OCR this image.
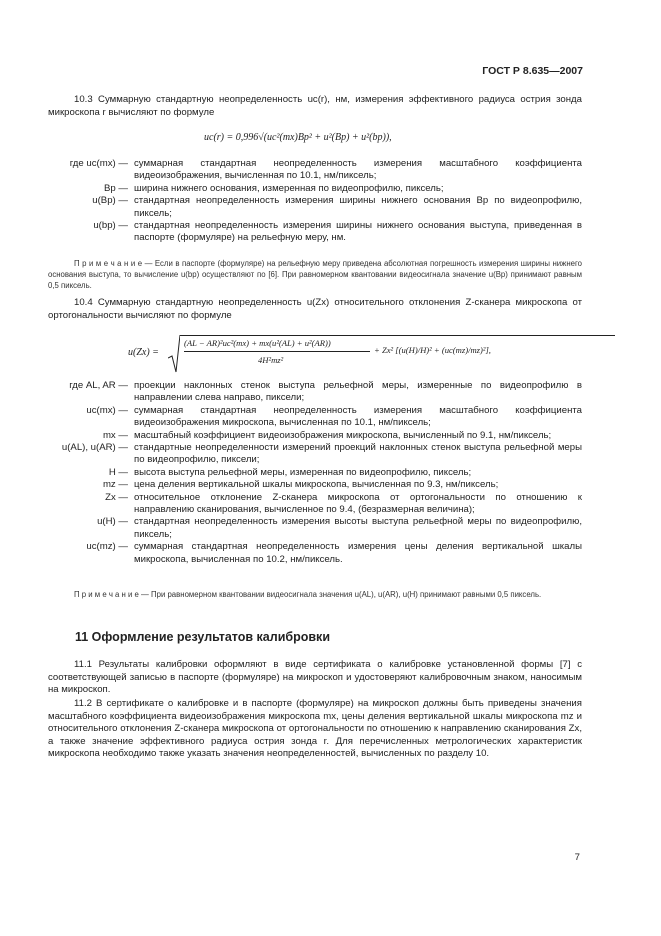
ГОСТ Р 8.635—2007
10.3 Суммарную стандартную неопределенность uc(r), нм, измерения эффективного радиуса острия зонда микроскопа r вычисляют по формуле
uc(r) = 0,996√(uc²(mx)Bp² + u²(Bp) + u²(bp)),
где uc(mx) — суммарная стандартная неопределенность измерения масштабного коэффициента видеоизображения, вычисленная по 10.1, нм/пиксель;
Bp — ширина нижнего основания, измеренная по видеопрофилю, пиксель;
u(Bp) — стандартная неопределенность измерения ширины нижнего основания Bp по видеопрофилю, пиксель;
u(bp) — стандартная неопределенность измерения ширины нижнего основания выступа, приведенная в паспорте (формуляре) на рельефную меру, нм.
П р и м е ч а н и е — Если в паспорте (формуляре) на рельефную меру приведена абсолютная погрешность измерения ширины нижнего основания выступа, то вычисление u(bp) осуществляют по [6]. При равномерном квантовании видеосигнала значение u(Bp) принимают равным 0,5 пиксель.
10.4 Суммарную стандартную неопределенность u(Zx) относительного отклонения Z-сканера микроскопа от ортогональности вычисляют по формуле
u(Zx) =
(AL − AR)²uc²(mx) + mx(u²(AL) + u²(AR))
4H²mz²
+ Zx² [(u(H)/H)² + (uc(mz)/mz)²],
где AL, AR — проекции наклонных стенок выступа рельефной меры, измеренные по видеопрофилю в направлении слева направо, пиксели;
uc(mx) — суммарная стандартная неопределенность измерения масштабного коэффициента видеоизображения микроскопа, вычисленная по 10.1, нм/пиксель;
mx — масштабный коэффициент видеоизображения микроскопа, вычисленный по 9.1, нм/пиксель;
u(AL), u(AR) — стандартные неопределенности измерений проекций наклонных стенок выступа рельефной меры по видеопрофилю, пиксели;
H — высота выступа рельефной меры, измеренная по видеопрофилю, пиксель;
mz — цена деления вертикальной шкалы микроскопа, вычисленная по 9.3, нм/пиксель;
Zx — относительное отклонение Z-сканера микроскопа от ортогональности по отношению к направлению сканирования, вычисленное по 9.4, (безразмерная величина);
u(H) — стандартная неопределенность измерения высоты выступа рельефной меры по видеопрофилю, пиксель;
uc(mz) — суммарная стандартная неопределенность измерения цены деления вертикальной шкалы микроскопа, вычисленная по 10.2, нм/пиксель.
П р и м е ч а н и е — При равномерном квантовании видеосигнала значения u(AL), u(AR), u(H) принимают равными 0,5 пиксель.
11 Оформление результатов калибровки
11.1 Результаты калибровки оформляют в виде сертификата о калибровке установленной формы [7] с соответствующей записью в паспорте (формуляре) на микроскоп и удостоверяют калибровочным знаком, наносимым на микроскоп.
11.2 В сертификате о калибровке и в паспорте (формуляре) на микроскоп должны быть приведены значения масштабного коэффициента видеоизображения микроскопа mx, цены деления вертикальной шкалы микроскопа mz и относительного отклонения Z-сканера микроскопа от ортогональности по отношению к направлению сканирования Zx, а также значение эффективного радиуса острия зонда r. Для перечисленных метрологических характеристик микроскопа необходимо также указать значения неопределенностей, вычисленных по разделу 10.
7
